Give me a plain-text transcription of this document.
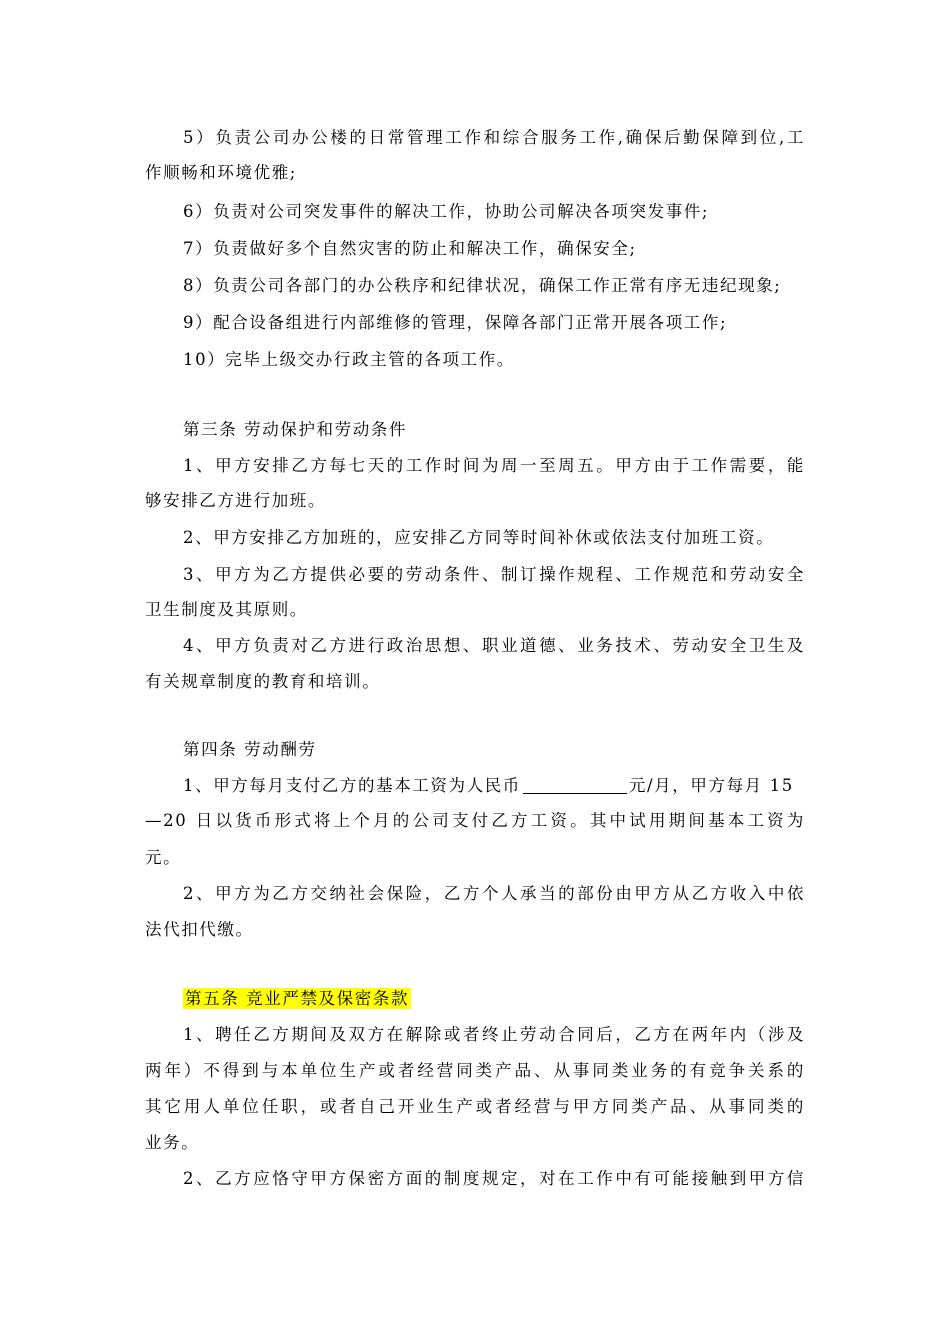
5）负责公司办公楼的日常管理工作和综合服务工作,确保后勤保障到位,工
作顺畅和环境优雅;
6）负责对公司突发事件的解决工作，协助公司解决各项突发事件;
7）负责做好多个自然灾害的防止和解决工作，确保安全;
8）负责公司各部门的办公秩序和纪律状况，确保工作正常有序无违纪现象;
9）配合设备组进行内部维修的管理，保障各部门正常开展各项工作;
10）完毕上级交办行政主管的各项工作。
第三条 劳动保护和劳动条件
1、甲方安排乙方每七天的工作时间为周一至周五。甲方由于工作需要，能
够安排乙方进行加班。
2、甲方安排乙方加班的，应安排乙方同等时间补休或依法支付加班工资。
3、甲方为乙方提供必要的劳动条件、制订操作规程、工作规范和劳动安全
卫生制度及其原则。
4、甲方负责对乙方进行政治思想、职业道德、业务技术、劳动安全卫生及
有关规章制度的教育和培训。
第四条 劳动酬劳
1、甲方每月支付乙方的基本工资为人民币	元/月，甲方每月 15
—20 日以货币形式将上个月的公司支付乙方工资。其中试用期间基本工资为
元。
2、甲方为乙方交纳社会保险，乙方个人承当的部份由甲方从乙方收入中依
法代扣代缴。
第五条 竞业严禁及保密条款
1、聘任乙方期间及双方在解除或者终止劳动合同后，乙方在两年内（涉及
两年）不得到与本单位生产或者经营同类产品、从事同类业务的有竞争关系的
其它用人单位任职，或者自己开业生产或者经营与甲方同类产品、从事同类的
业务。
2、乙方应恪守甲方保密方面的制度规定，对在工作中有可能接触到甲方信
